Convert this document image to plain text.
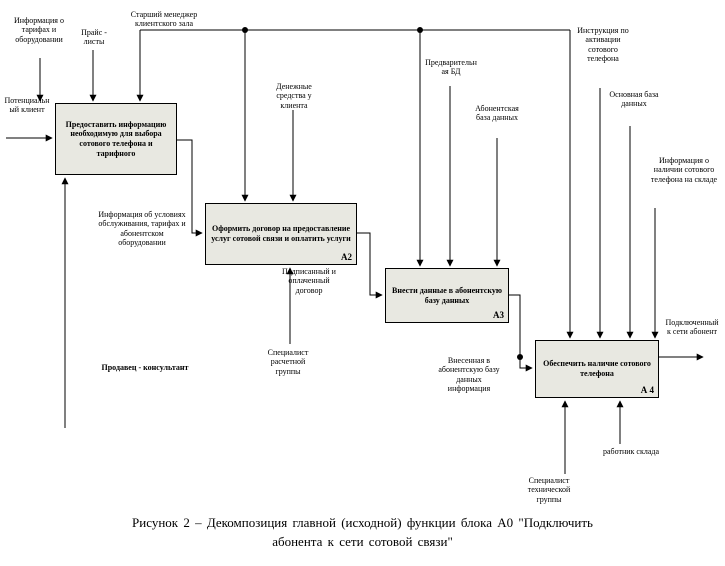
Предоставить информацию необходимую для выбора сотового телефона и тарифного
Оформить договор на предоставление услуг сотовой связи и оплатить услуги
А2
Внести данные в абонентскую базу данных
А3
Обеспечить наличие сотового телефона
А 4
Информация о тарифах и оборудовании
Прайс - листы
Старший менеджер клиентского зала
Потенциальный клиент
Денежные средства у клиента
Предварительная БД
Абонентская база данных
Инструкция по активации сотового телефона
Основная база данных
Информация о наличии сотового телефона на складе
Информация об условиях обслуживания, тарифах и абонентском оборудовании
Подписанный и оплаченный договор
Специалист расчетной группы
Продавец - консультант
Внесенная в абонентскую базу данных информация
Подключенный к сети абонент
работник склада
Специалист технической группы
Рисунок 2 – Декомпозиция главной (исходной) функции блока А0 "Подключить абонента к сети сотовой связи"
